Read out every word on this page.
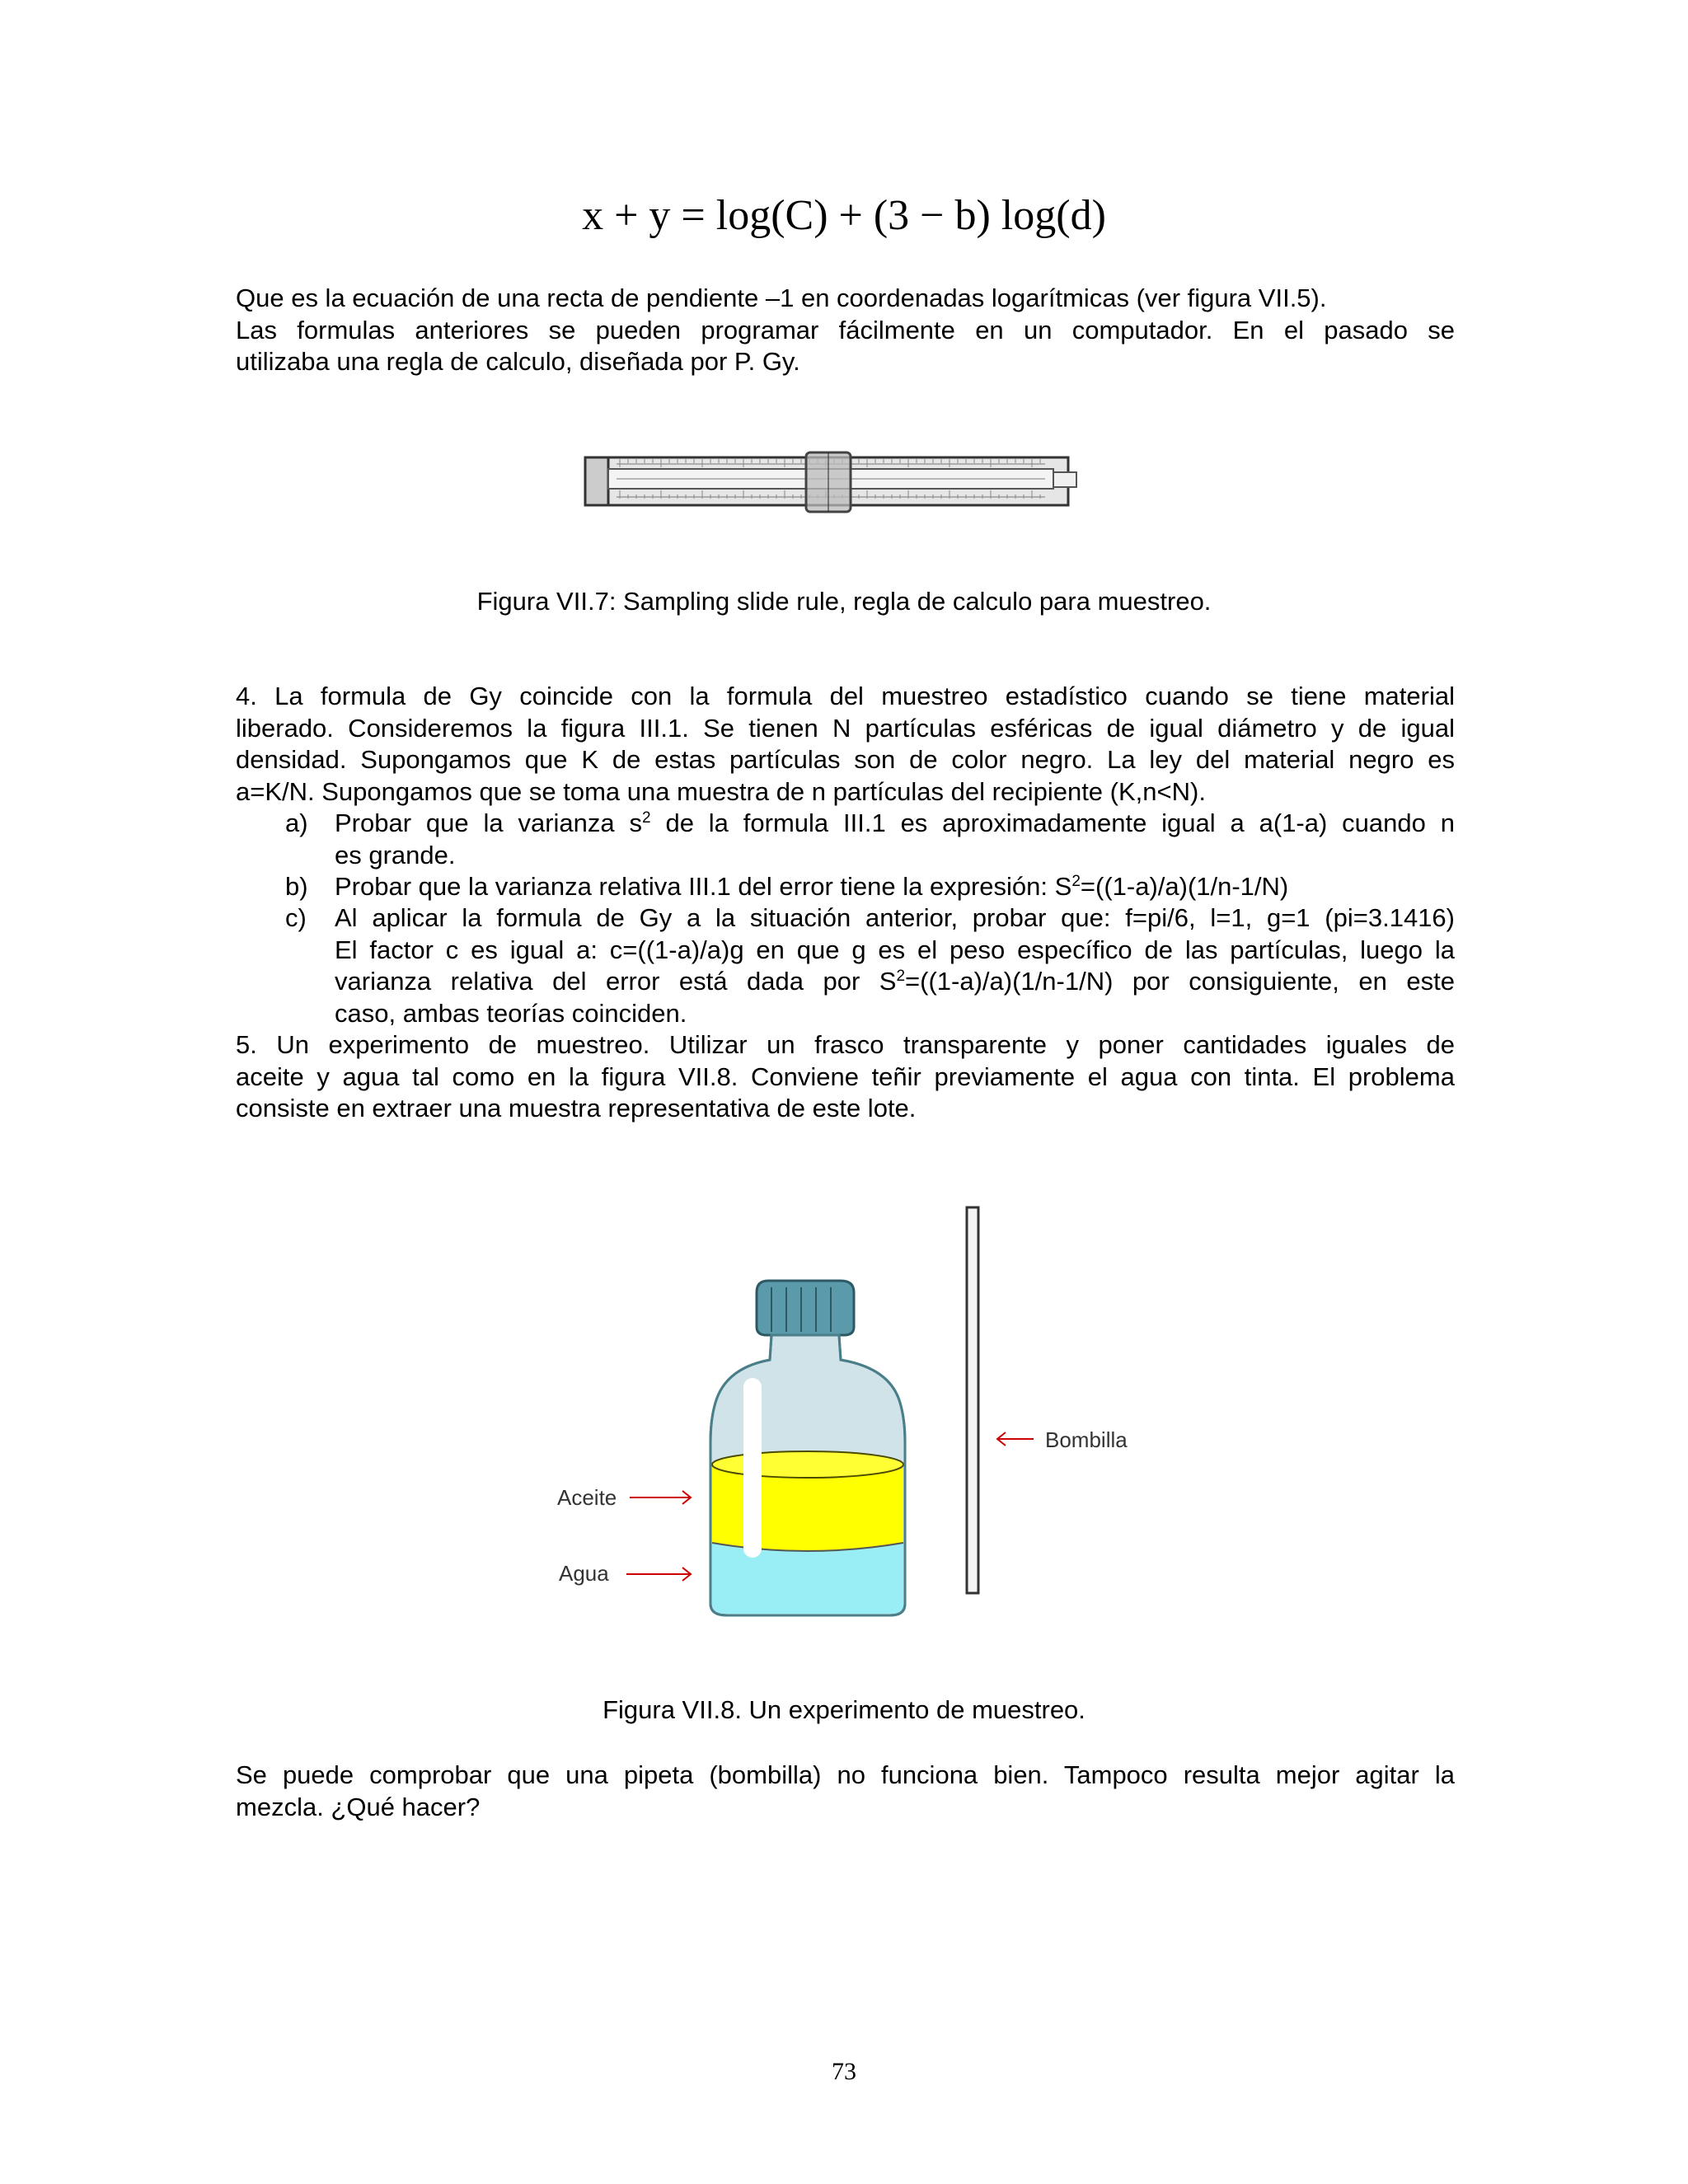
x + y = log(C) + (3 − b) log(d)
Que es la ecuación de una recta de pendiente –1 en coordenadas logarítmicas (ver figura VII.5).
Las formulas anteriores se pueden programar fácilmente en un computador. En el pasado se
utilizaba una regla de calculo, diseñada por P. Gy.
Figura VII.7: Sampling slide rule, regla de calculo para muestreo.
4. La formula de Gy coincide con la formula del muestreo estadístico cuando se tiene material
liberado. Consideremos la figura III.1. Se tienen N partículas esféricas de igual diámetro y de igual
densidad. Supongamos que K de estas partículas son de color negro. La ley del material negro es
a=K/N. Supongamos que se toma una muestra de n partículas del recipiente (K,n<N).
a)	Probar que la varianza $s^2$ de la formula III.1 es aproximadamente igual a a(1-a) cuando n
es grande.
b)	Probar que la varianza relativa III.1 del error tiene la expresión: $S^2=((1-a)/a)(1/n-1/N)$
c)	Al aplicar la formula de Gy a la situación anterior, probar que: f=pi/6, l=1, g=1 (pi=3.1416)
El factor c es igual a: c=((1-a)/a)g en que g es el peso específico de las partículas, luego la
varianza relativa del error está dada por $S^2=((1-a)/a)(1/n-1/N)$ por consiguiente, en este
caso, ambas teorías coinciden.
5. Un experimento de muestreo. Utilizar un frasco transparente y poner cantidades iguales de
aceite y agua tal como en la figura VII.8. Conviene teñir previamente el agua con tinta. El problema
consiste en extraer una muestra representativa de este lote.
Bombilla
Aceite
Agua
Figura VII.8. Un experimento de muestreo.
Se puede comprobar que una pipeta (bombilla) no funciona bien. Tampoco resulta mejor agitar la
mezcla. ¿Qué hacer?
73
